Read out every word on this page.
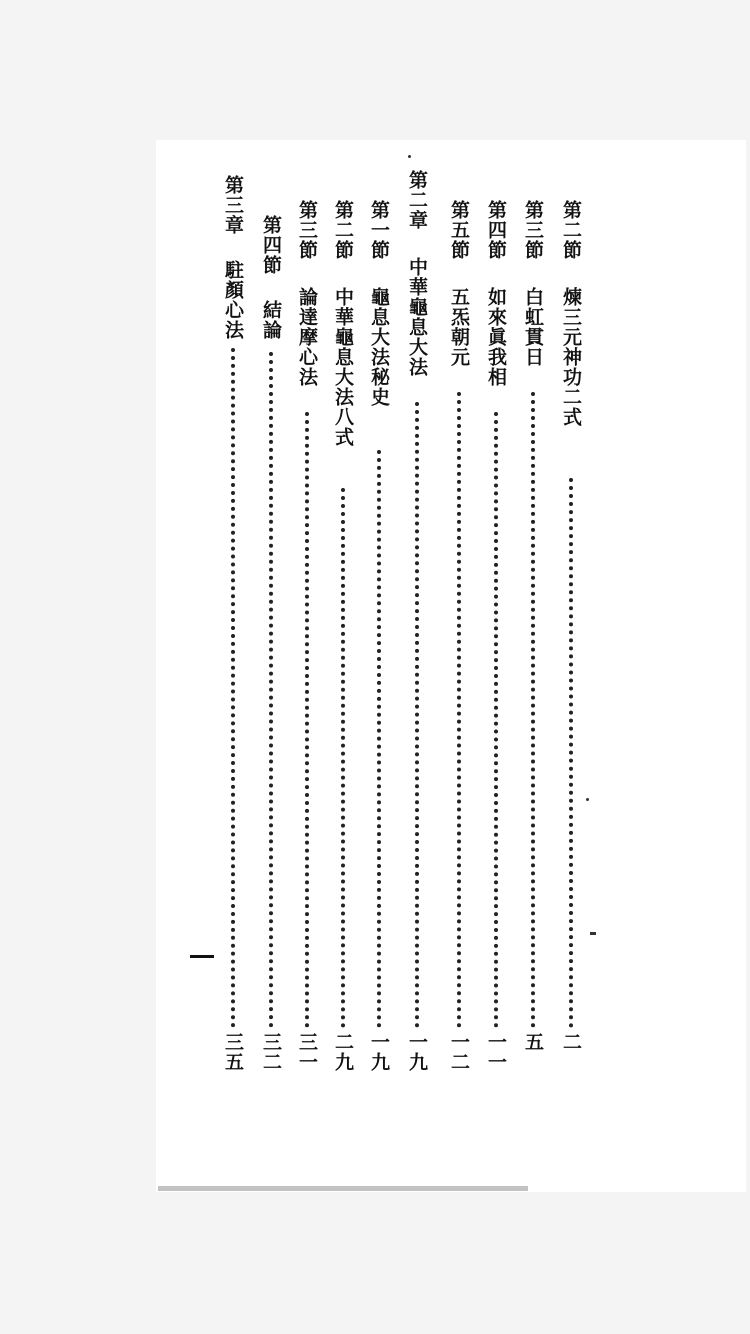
第二節
煉三元神功二式
二
第三節
白虹貫日
五
第四節
如來眞我相
一一
第五節
五炁朝元
一二
第二章
中華龜息大法
一九
第一節
龜息大法秘史
一九
第二節
中華龜息大法八式
二九
第三節
論達摩心法
三一
第四節
結論
三二
第三章
駐顏心法
三五
